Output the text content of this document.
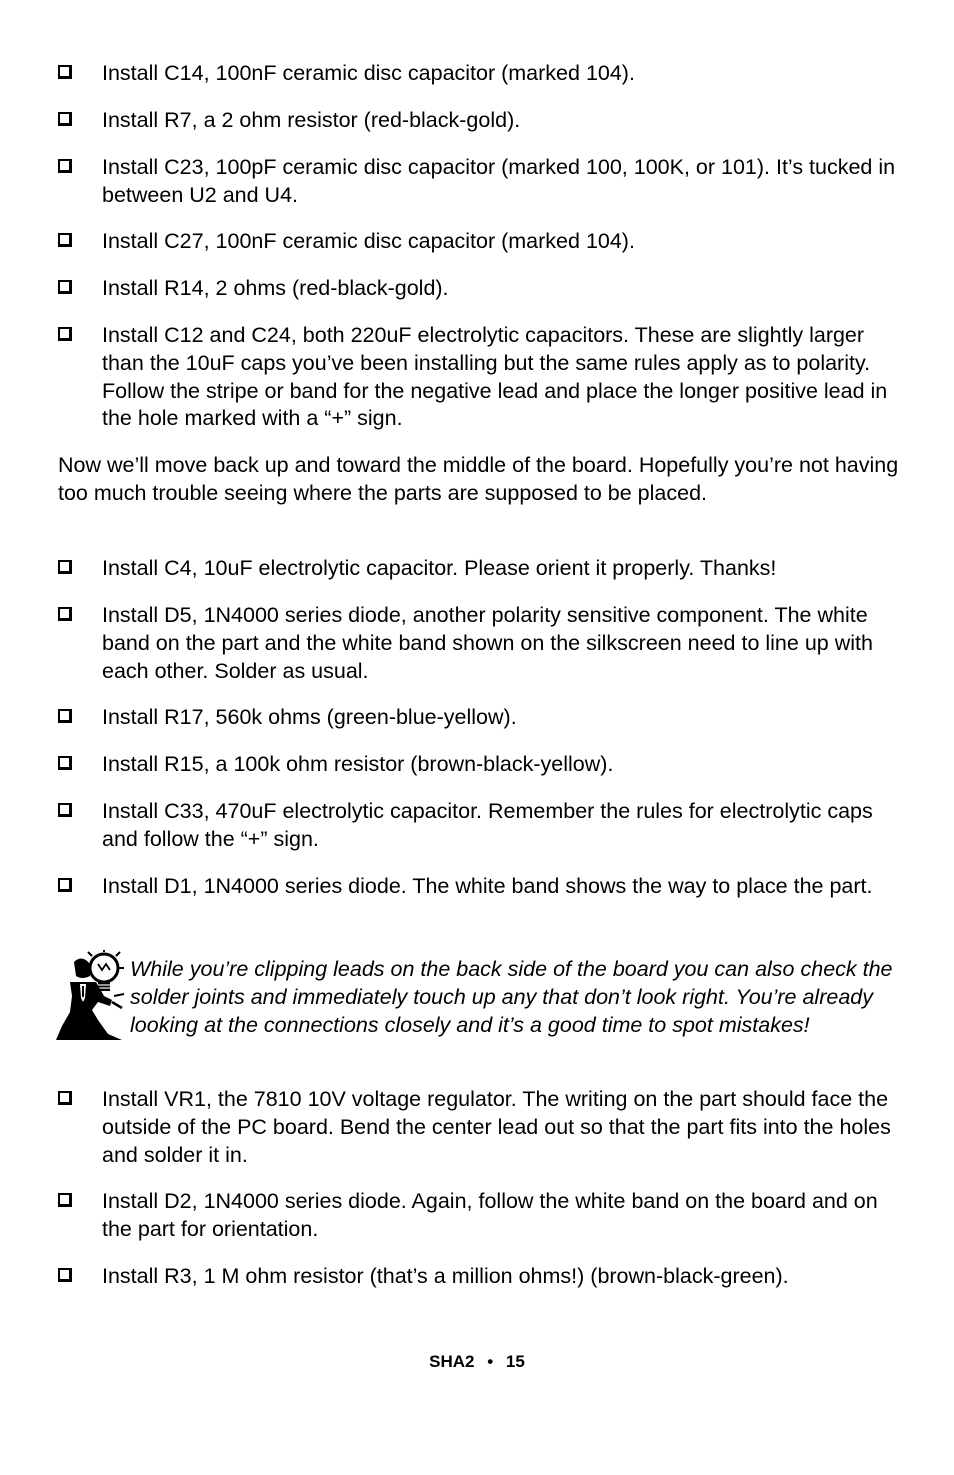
Install C14, 100nF ceramic disc capacitor (marked 104).
Install R7, a 2 ohm resistor (red-black-gold).
Install C23, 100pF ceramic disc capacitor (marked 100, 100K, or 101). It’s tucked in between U2 and U4.
Install C27, 100nF ceramic disc capacitor (marked 104).
Install R14, 2 ohms (red-black-gold).
Install C12 and C24, both 220uF electrolytic capacitors. These are slightly larger than the 10uF caps you’ve been installing but the same rules apply as to polarity. Follow the stripe or band for the negative lead and place the longer positive lead in the hole marked with a “+” sign.
Now we’ll move back up and toward the middle of the board. Hopefully you’re not having too much trouble seeing where the parts are supposed to be placed.
Install C4, 10uF electrolytic capacitor. Please orient it properly. Thanks!
Install D5, 1N4000 series diode, another polarity sensitive component. The white band on the part and the white band shown on the silkscreen need to line up with each other. Solder as usual.
Install R17, 560k ohms (green-blue-yellow).
Install R15, a 100k ohm resistor (brown-black-yellow).
Install C33, 470uF electrolytic capacitor. Remember the rules for electrolytic caps and follow the “+” sign.
Install D1, 1N4000 series diode. The white band shows the way to place the part.
While you’re clipping leads on the back side of the board you can also check the solder joints and immediately touch up any that don’t look right. You’re already looking at the connections closely and it’s a good time to spot mistakes!
Install VR1, the 7810 10V voltage regulator. The writing on the part should face the outside of the PC board. Bend the center lead out so that the part fits into the holes and solder it in.
Install D2, 1N4000 series diode. Again, follow the white band on the board and on the part for orientation.
Install R3, 1 M ohm resistor (that’s a million ohms!) (brown-black-green).
SHA2 • 15
